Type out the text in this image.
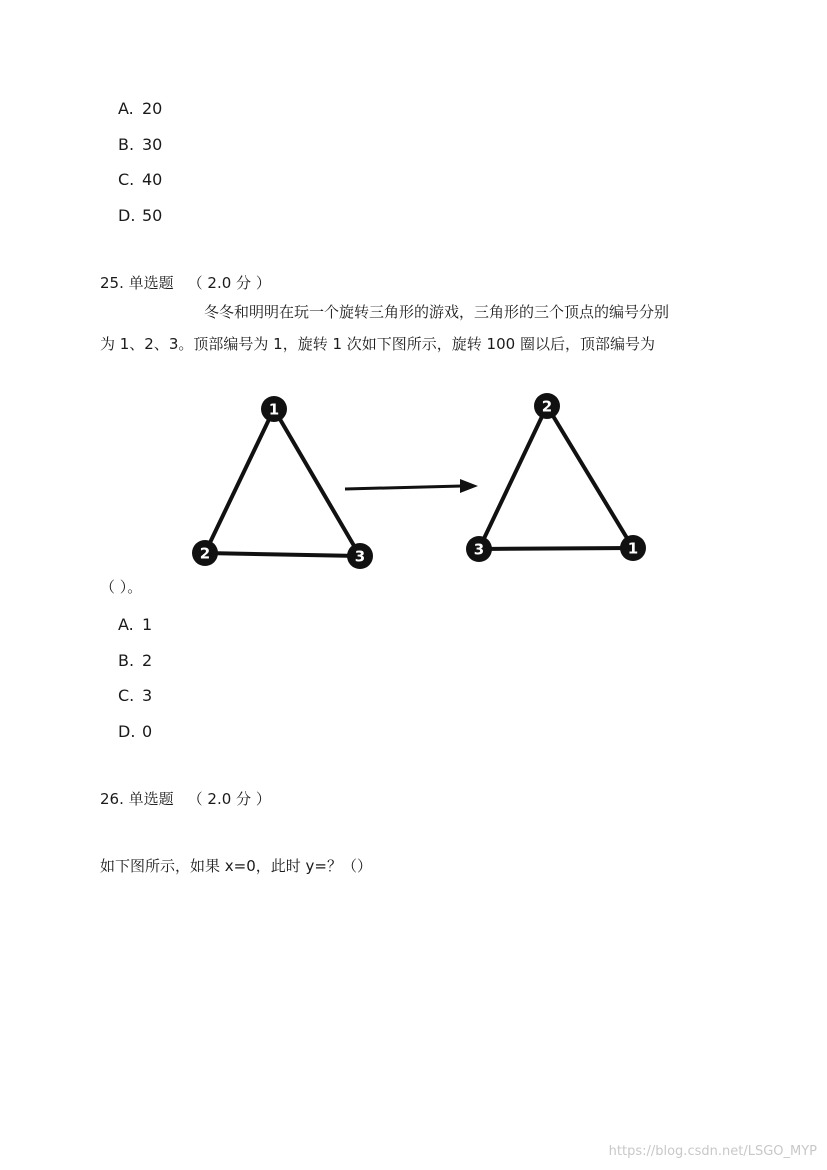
A. 20
B. 30
C. 40
D. 50
25. 单选题 （ 2.0 分 ）
冬冬和明明在玩一个旋转三角形的游戏，三角形的三个顶点的编号分别
为 1、2、3。顶部编号为 1，旋转 1 次如下图所示，旋转 100 圈以后，顶部编号为
1
2	3
2
3	1
（ ）。
A. 1
B. 2
C. 3
D. 0
26. 单选题 （ 2.0 分 ）
如下图所示，如果 x=0，此时 y=？（）
https://blog.csdn.net/LSGO_MYP
